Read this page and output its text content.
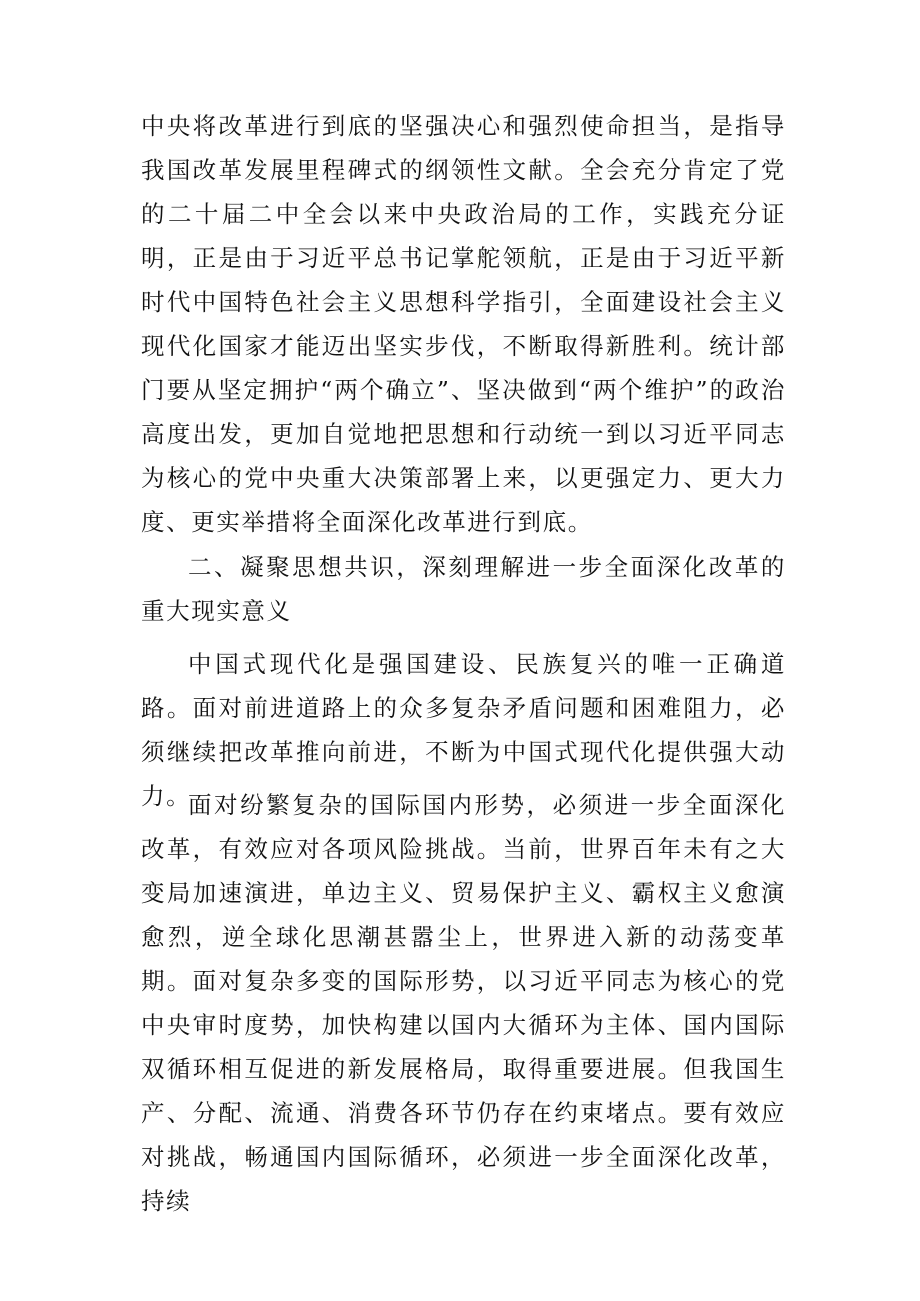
中央将改革进行到底的坚强决心和强烈使命担当，是指导我国改革发展里程碑式的纲领性文献。全会充分肯定了党的二十届二中全会以来中央政治局的工作，实践充分证明，正是由于习近平总书记掌舵领航，正是由于习近平新时代中国特色社会主义思想科学指引，全面建设社会主义现代化国家才能迈出坚实步伐，不断取得新胜利。统计部门要从坚定拥护“两个确立”、坚决做到“两个维护”的政治高度出发，更加自觉地把思想和行动统一到以习近平同志为核心的党中央重大决策部署上来，以更强定力、更大力度、更实举措将全面深化改革进行到底。

二、凝聚思想共识，深刻理解进一步全面深化改革的重大现实意义

中国式现代化是强国建设、民族复兴的唯一正确道路。面对前进道路上的众多复杂矛盾问题和困难阻力，必须继续把改革推向前进，不断为中国式现代化提供强大动力。

面对纷繁复杂的国际国内形势，必须进一步全面深化改革，有效应对各项风险挑战。当前，世界百年未有之大变局加速演进，单边主义、贸易保护主义、霸权主义愈演愈烈，逆全球化思潮甚嚣尘上，世界进入新的动荡变革期。面对复杂多变的国际形势，以习近平同志为核心的党中央审时度势，加快构建以国内大循环为主体、国内国际双循环相互促进的新发展格局，取得重要进展。但我国生产、分配、流通、消费各环节仍存在约束堵点。要有效应对挑战，畅通国内国际循环，必须进一步全面深化改革，持续
